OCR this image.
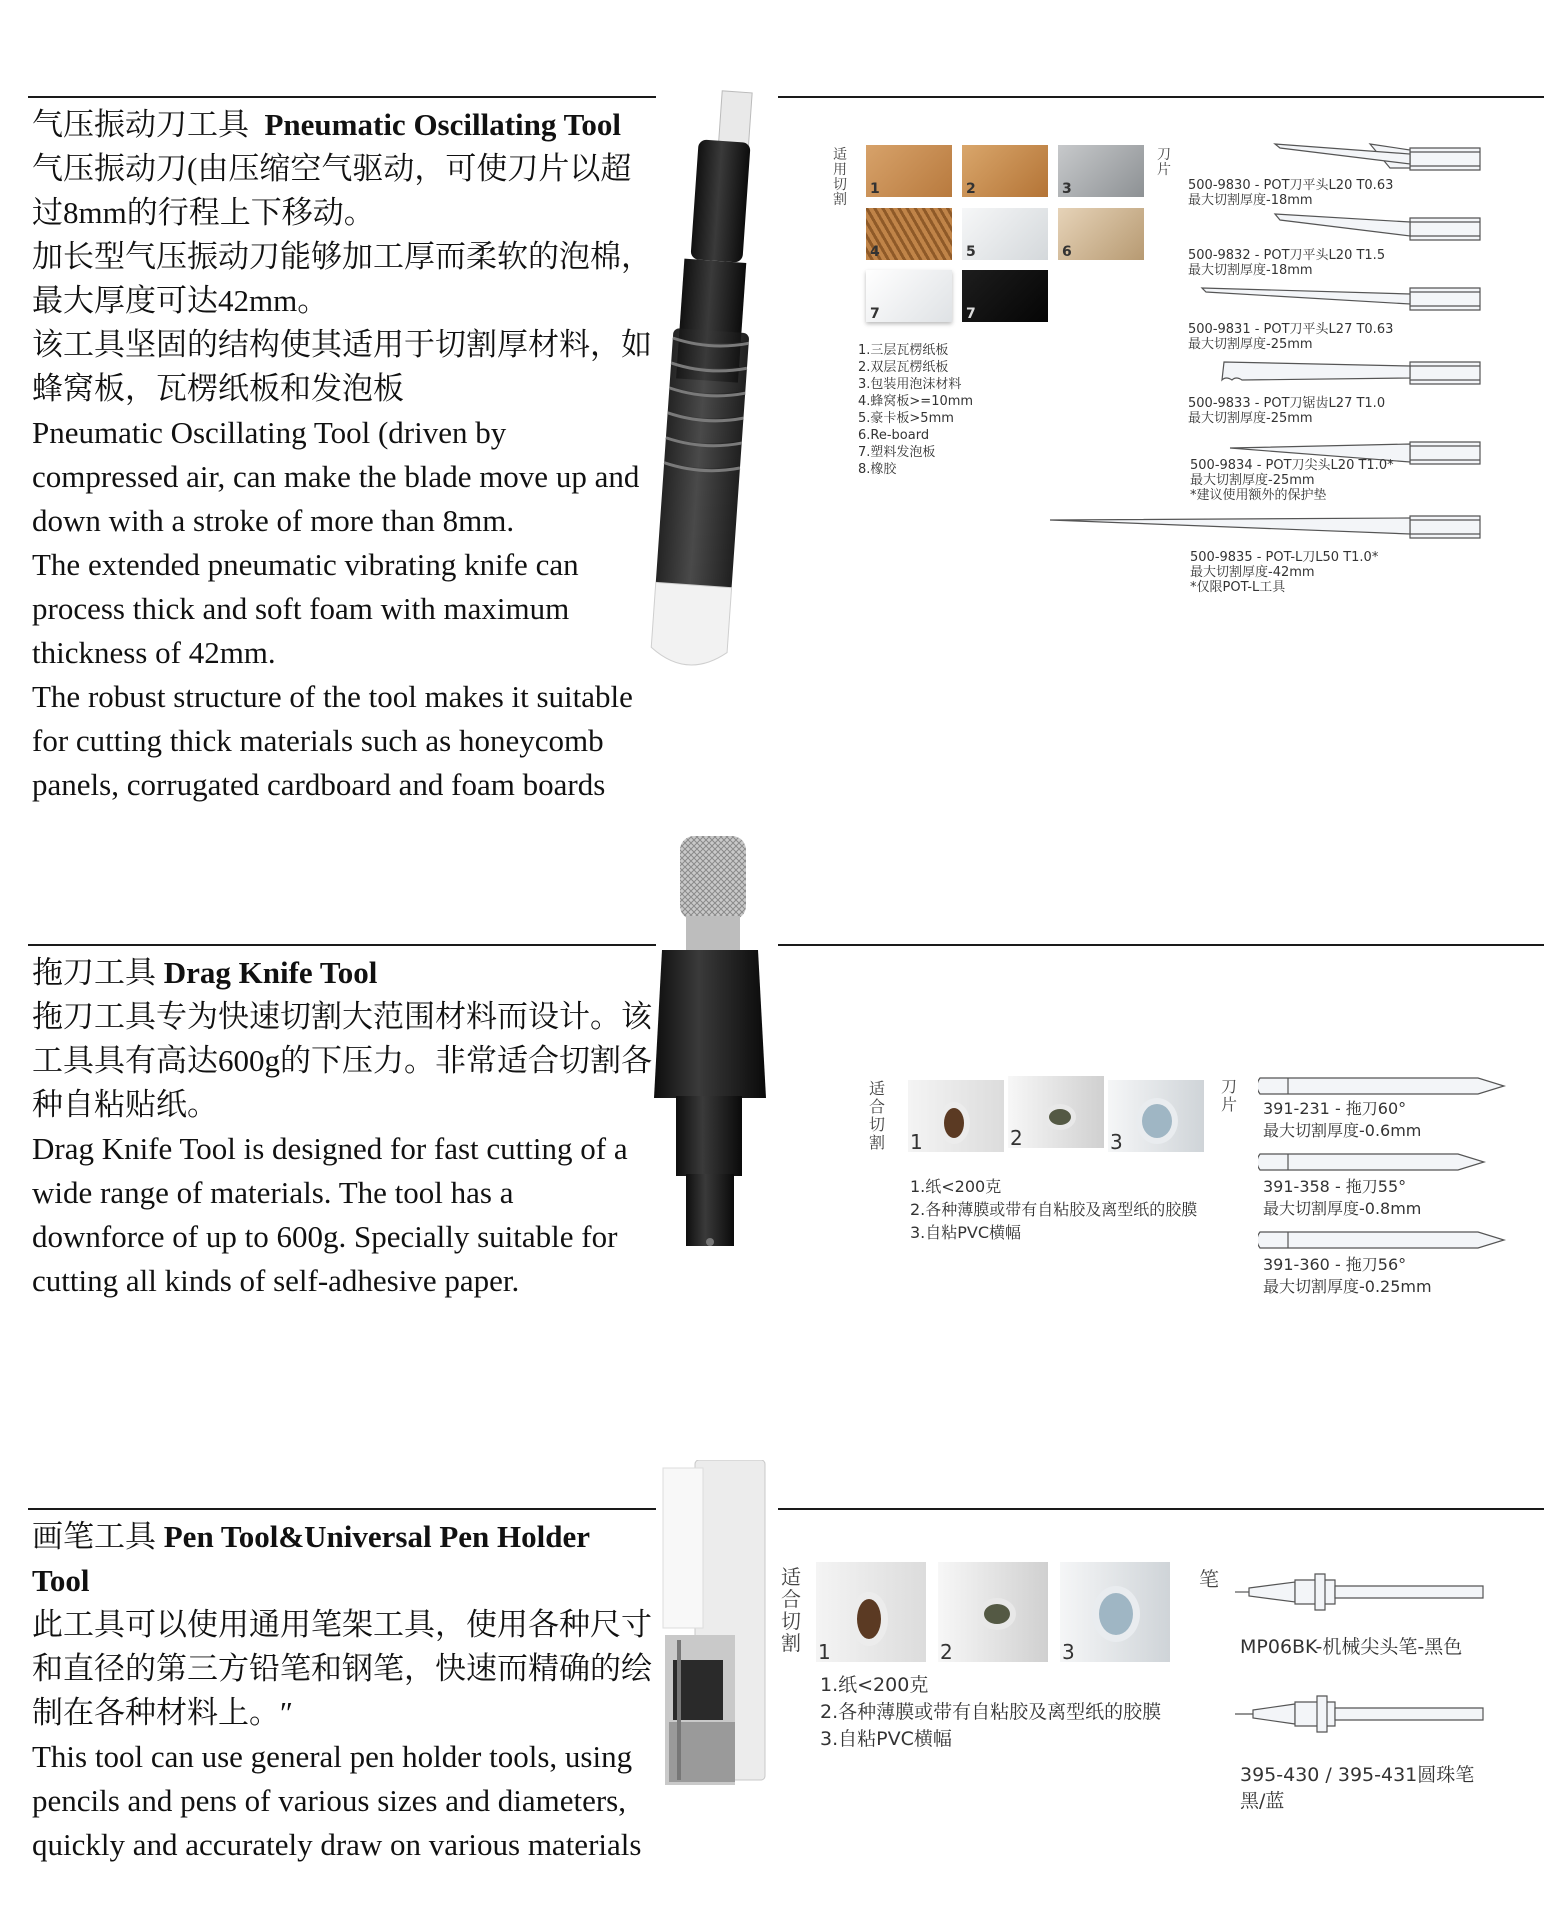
气压振动刀工具 Pneumatic Oscillating Tool

气压振动刀(由压缩空气驱动，可使刀片以超过8mm的行程上下移动。

加长型气压振动刀能够加工厚而柔软的泡棉，最大厚度可达42mm。

该工具坚固的结构使其适用于切割厚材料，如蜂窝板，瓦楞纸板和发泡板

Pneumatic Oscillating Tool (driven by compressed air, can make the blade move up and down with a stroke of more than 8mm.

The extended pneumatic vibrating knife can process thick and soft foam with maximum thickness of 42mm.

The robust structure of the tool makes it suitable for cutting thick materials such as honeycomb panels, corrugated cardboard and foam boards

适用切割
刀片
1	2	3
4	5	6
7	7
1.三层瓦楞纸板
2.双层瓦楞纸板
3.包装用泡沫材料
4.蜂窝板>=10mm
5.豪卡板>5mm
6.Re-board
7.塑料发泡板
8.橡胶
500-9830 - POT刀平头L20 T0.63
最大切割厚度-18mm
500-9832 - POT刀平头L20 T1.5
最大切割厚度-18mm
500-9831 - POT刀平头L27 T0.63
最大切割厚度-25mm
500-9833 - POT刀锯齿L27 T1.0
最大切割厚度-25mm
500-9834 - POT刀尖头L20 T1.0*
最大切割厚度-25mm
*建议使用额外的保护垫
500-9835 - POT-L刀L50 T1.0*
最大切割厚度-42mm
*仅限POT-L工具

拖刀工具 Drag Knife Tool

拖刀工具专为快速切割大范围材料而设计。该工具具有高达600g的下压力。非常适合切割各种自粘贴纸。

Drag Knife Tool is designed for fast cutting of a wide range of materials. The tool has a downforce of up to 600g. Specially suitable for cutting all kinds of self-adhesive paper.

适合切割
刀片
1	2	3
1.纸<200克
2.各种薄膜或带有自粘胶及离型纸的胶膜
3.自粘PVC横幅
391-231 - 拖刀60°
最大切割厚度-0.6mm
391-358 - 拖刀55°
最大切割厚度-0.8mm
391-360 - 拖刀56°
最大切割厚度-0.25mm

画笔工具 Pen Tool&Universal Pen Holder Tool

此工具可以使用通用笔架工具，使用各种尺寸和直径的第三方铅笔和钢笔，快速而精确的绘制在各种材料上。″

This tool can use general pen holder tools, using pencils and pens of various sizes and diameters, quickly and accurately draw on various materials

适合切割
笔
1	2	3
1.纸<200克
2.各种薄膜或带有自粘胶及离型纸的胶膜
3.自粘PVC横幅
MP06BK-机械尖头笔-黑色
395-430 / 395-431圆珠笔
黑/蓝
